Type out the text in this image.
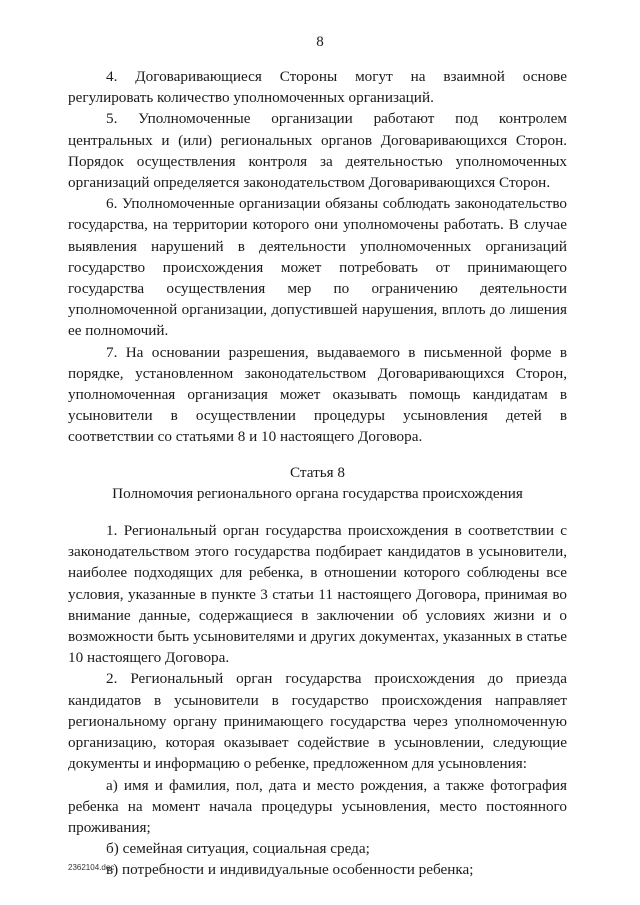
8

4. Договаривающиеся Стороны могут на взаимной основе регулировать количество уполномоченных организаций.

5. Уполномоченные организации работают под контролем центральных и (или) региональных органов Договаривающихся Сторон. Порядок осуществления контроля за деятельностью уполномоченных организаций определяется законодательством Договаривающихся Сторон.

6. Уполномоченные организации обязаны соблюдать законодательство государства, на территории которого они уполномочены работать. В случае выявления нарушений в деятельности уполномоченных организаций государство происхождения может потребовать от принимающего государства осуществления мер по ограничению деятельности уполномоченной организации, допустившей нарушения, вплоть до лишения ее полномочий.

7. На основании разрешения, выдаваемого в письменной форме в порядке, установленном законодательством Договаривающихся Сторон, уполномоченная организация может оказывать помощь кандидатам в усыновители в осуществлении процедуры усыновления детей в соответствии со статьями 8 и 10 настоящего Договора.

Статья 8
Полномочия регионального органа государства происхождения

1. Региональный орган государства происхождения в соответствии с законодательством этого государства подбирает кандидатов в усыновители, наиболее подходящих для ребенка, в отношении которого соблюдены все условия, указанные в пункте 3 статьи 11 настоящего Договора, принимая во внимание данные, содержащиеся в заключении об условиях жизни и о возможности быть усыновителями и других документах, указанных в статье 10 настоящего Договора.

2. Региональный орган государства происхождения до приезда кандидатов в усыновители в государство происхождения направляет региональному органу принимающего государства через уполномоченную организацию, которая оказывает содействие в усыновлении, следующие документы и информацию о ребенке, предложенном для усыновления:

а) имя и фамилия, пол, дата и место рождения, а также фотография ребенка на момент начала процедуры усыновления, место постоянного проживания;

б) семейная ситуация, социальная среда;

в) потребности и индивидуальные особенности ребенка;

2362104.doc
